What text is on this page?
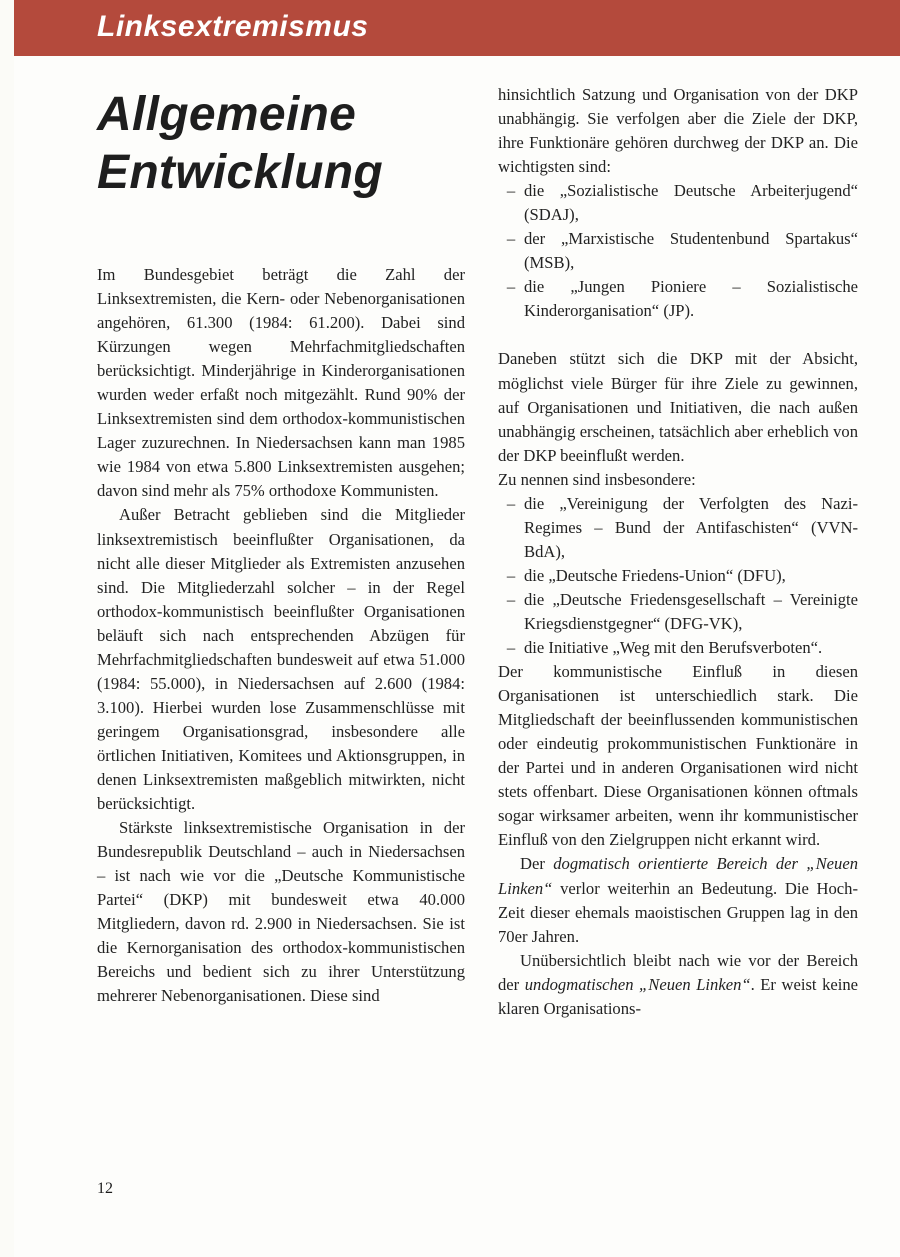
Linksextremismus
Allgemeine
Entwicklung

Im Bundesgebiet beträgt die Zahl der Linksextremisten, die Kern- oder Nebenorganisationen angehören, 61.300 (1984: 61.200). Dabei sind Kürzungen wegen Mehrfachmitgliedschaften berücksichtigt. Minderjährige in Kinderorganisationen wurden weder erfaßt noch mitgezählt. Rund 90% der Linksextremisten sind dem orthodox-kommunistischen Lager zuzurechnen. In Niedersachsen kann man 1985 wie 1984 von etwa 5.800 Linksextremisten ausgehen; davon sind mehr als 75% orthodoxe Kommunisten.

Außer Betracht geblieben sind die Mitglieder linksextremistisch beeinflußter Organisationen, da nicht alle dieser Mitglieder als Extremisten anzusehen sind. Die Mitgliederzahl solcher – in der Regel orthodox-kommunistisch beeinflußter Organisationen beläuft sich nach entsprechenden Abzügen für Mehrfachmitgliedschaften bundesweit auf etwa 51.000 (1984: 55.000), in Niedersachsen auf 2.600 (1984: 3.100). Hierbei wurden lose Zusammenschlüsse mit geringem Organisationsgrad, insbesondere alle örtlichen Initiativen, Komitees und Aktionsgruppen, in denen Linksextremisten maßgeblich mitwirkten, nicht berücksichtigt.

Stärkste linksextremistische Organisation in der Bundesrepublik Deutschland – auch in Niedersachsen – ist nach wie vor die „Deutsche Kommunistische Partei“ (DKP) mit bundesweit etwa 40.000 Mitgliedern, davon rd. 2.900 in Niedersachsen. Sie ist die Kernorganisation des orthodox-kommunistischen Bereichs und bedient sich zu ihrer Unterstützung mehrerer Nebenorganisationen. Diese sind

hinsichtlich Satzung und Organisation von der DKP unabhängig. Sie verfolgen aber die Ziele der DKP, ihre Funktionäre gehören durchweg der DKP an. Die wichtigsten sind:

– die „Sozialistische Deutsche Arbeiterjugend“ (SDAJ),
– der „Marxistische Studentenbund Spartakus“ (MSB),
– die „Jungen Pioniere – Sozialistische Kinderorganisation“ (JP).

Daneben stützt sich die DKP mit der Absicht, möglichst viele Bürger für ihre Ziele zu gewinnen, auf Organisationen und Initiativen, die nach außen unabhängig erscheinen, tatsächlich aber erheblich von der DKP beeinflußt werden.

Zu nennen sind insbesondere:

– die „Vereinigung der Verfolgten des Nazi-Regimes – Bund der Antifaschisten“ (VVN-BdA),
– die „Deutsche Friedens-Union“ (DFU),
– die „Deutsche Friedensgesellschaft – Vereinigte Kriegsdienstgegner“ (DFG-VK),
– die Initiative „Weg mit den Berufsverboten“.

Der kommunistische Einfluß in diesen Organisationen ist unterschiedlich stark. Die Mitgliedschaft der beeinflussenden kommunistischen oder eindeutig prokommunistischen Funktionäre in der Partei und in anderen Organisationen wird nicht stets offenbart. Diese Organisationen können oftmals sogar wirksamer arbeiten, wenn ihr kommunistischer Einfluß von den Zielgruppen nicht erkannt wird.

Der dogmatisch orientierte Bereich der „Neuen Linken“ verlor weiterhin an Bedeutung. Die Hoch-Zeit dieser ehemals maoistischen Gruppen lag in den 70er Jahren.

Unübersichtlich bleibt nach wie vor der Bereich der undogmatischen „Neuen Linken“. Er weist keine klaren Organisations-

12
